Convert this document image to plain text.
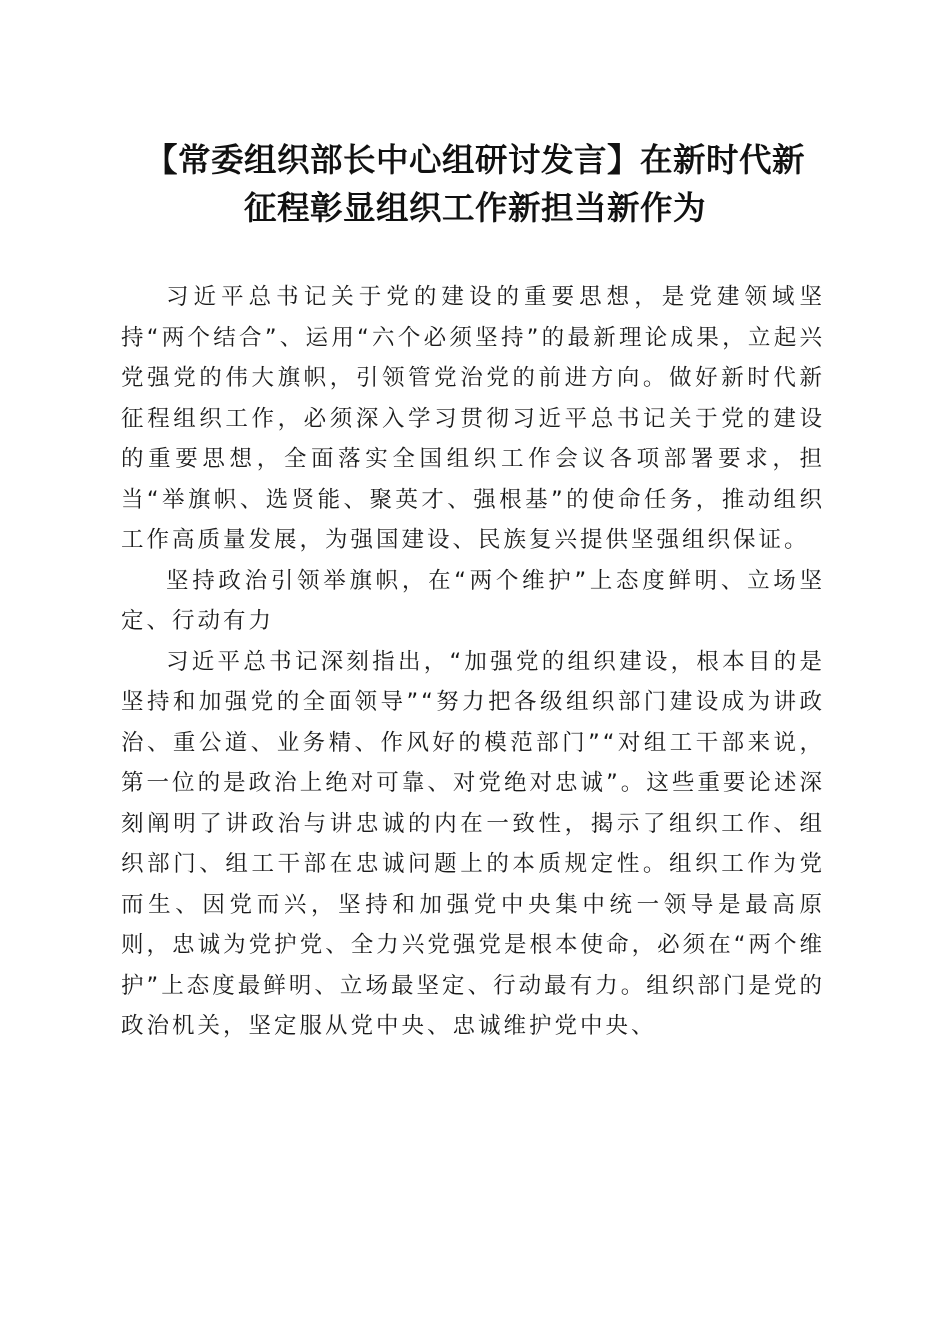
【常委组织部长中心组研讨发言】在新时代新
征程彰显组织工作新担当新作为

习近平总书记关于党的建设的重要思想，是党建领域坚持“两个结合”、运用“六个必须坚持”的最新理论成果，立起兴党强党的伟大旗帜，引领管党治党的前进方向。做好新时代新征程组织工作，必须深入学习贯彻习近平总书记关于党的建设的重要思想，全面落实全国组织工作会议各项部署要求，担当“举旗帜、选贤能、聚英才、强根基”的使命任务，推动组织工作高质量发展，为强国建设、民族复兴提供坚强组织保证。

坚持政治引领举旗帜，在“两个维护”上态度鲜明、立场坚定、行动有力

习近平总书记深刻指出，“加强党的组织建设，根本目的是坚持和加强党的全面领导”“努力把各级组织部门建设成为讲政治、重公道、业务精、作风好的模范部门”“对组工干部来说，第一位的是政治上绝对可靠、对党绝对忠诚”。这些重要论述深刻阐明了讲政治与讲忠诚的内在一致性，揭示了组织工作、组织部门、组工干部在忠诚问题上的本质规定性。组织工作为党而生、因党而兴，坚持和加强党中央集中统一领导是最高原则，忠诚为党护党、全力兴党强党是根本使命，必须在“两个维护”上态度最鲜明、立场最坚定、行动最有力。组织部门是党的政治机关，坚定服从党中央、忠诚维护党中央、
